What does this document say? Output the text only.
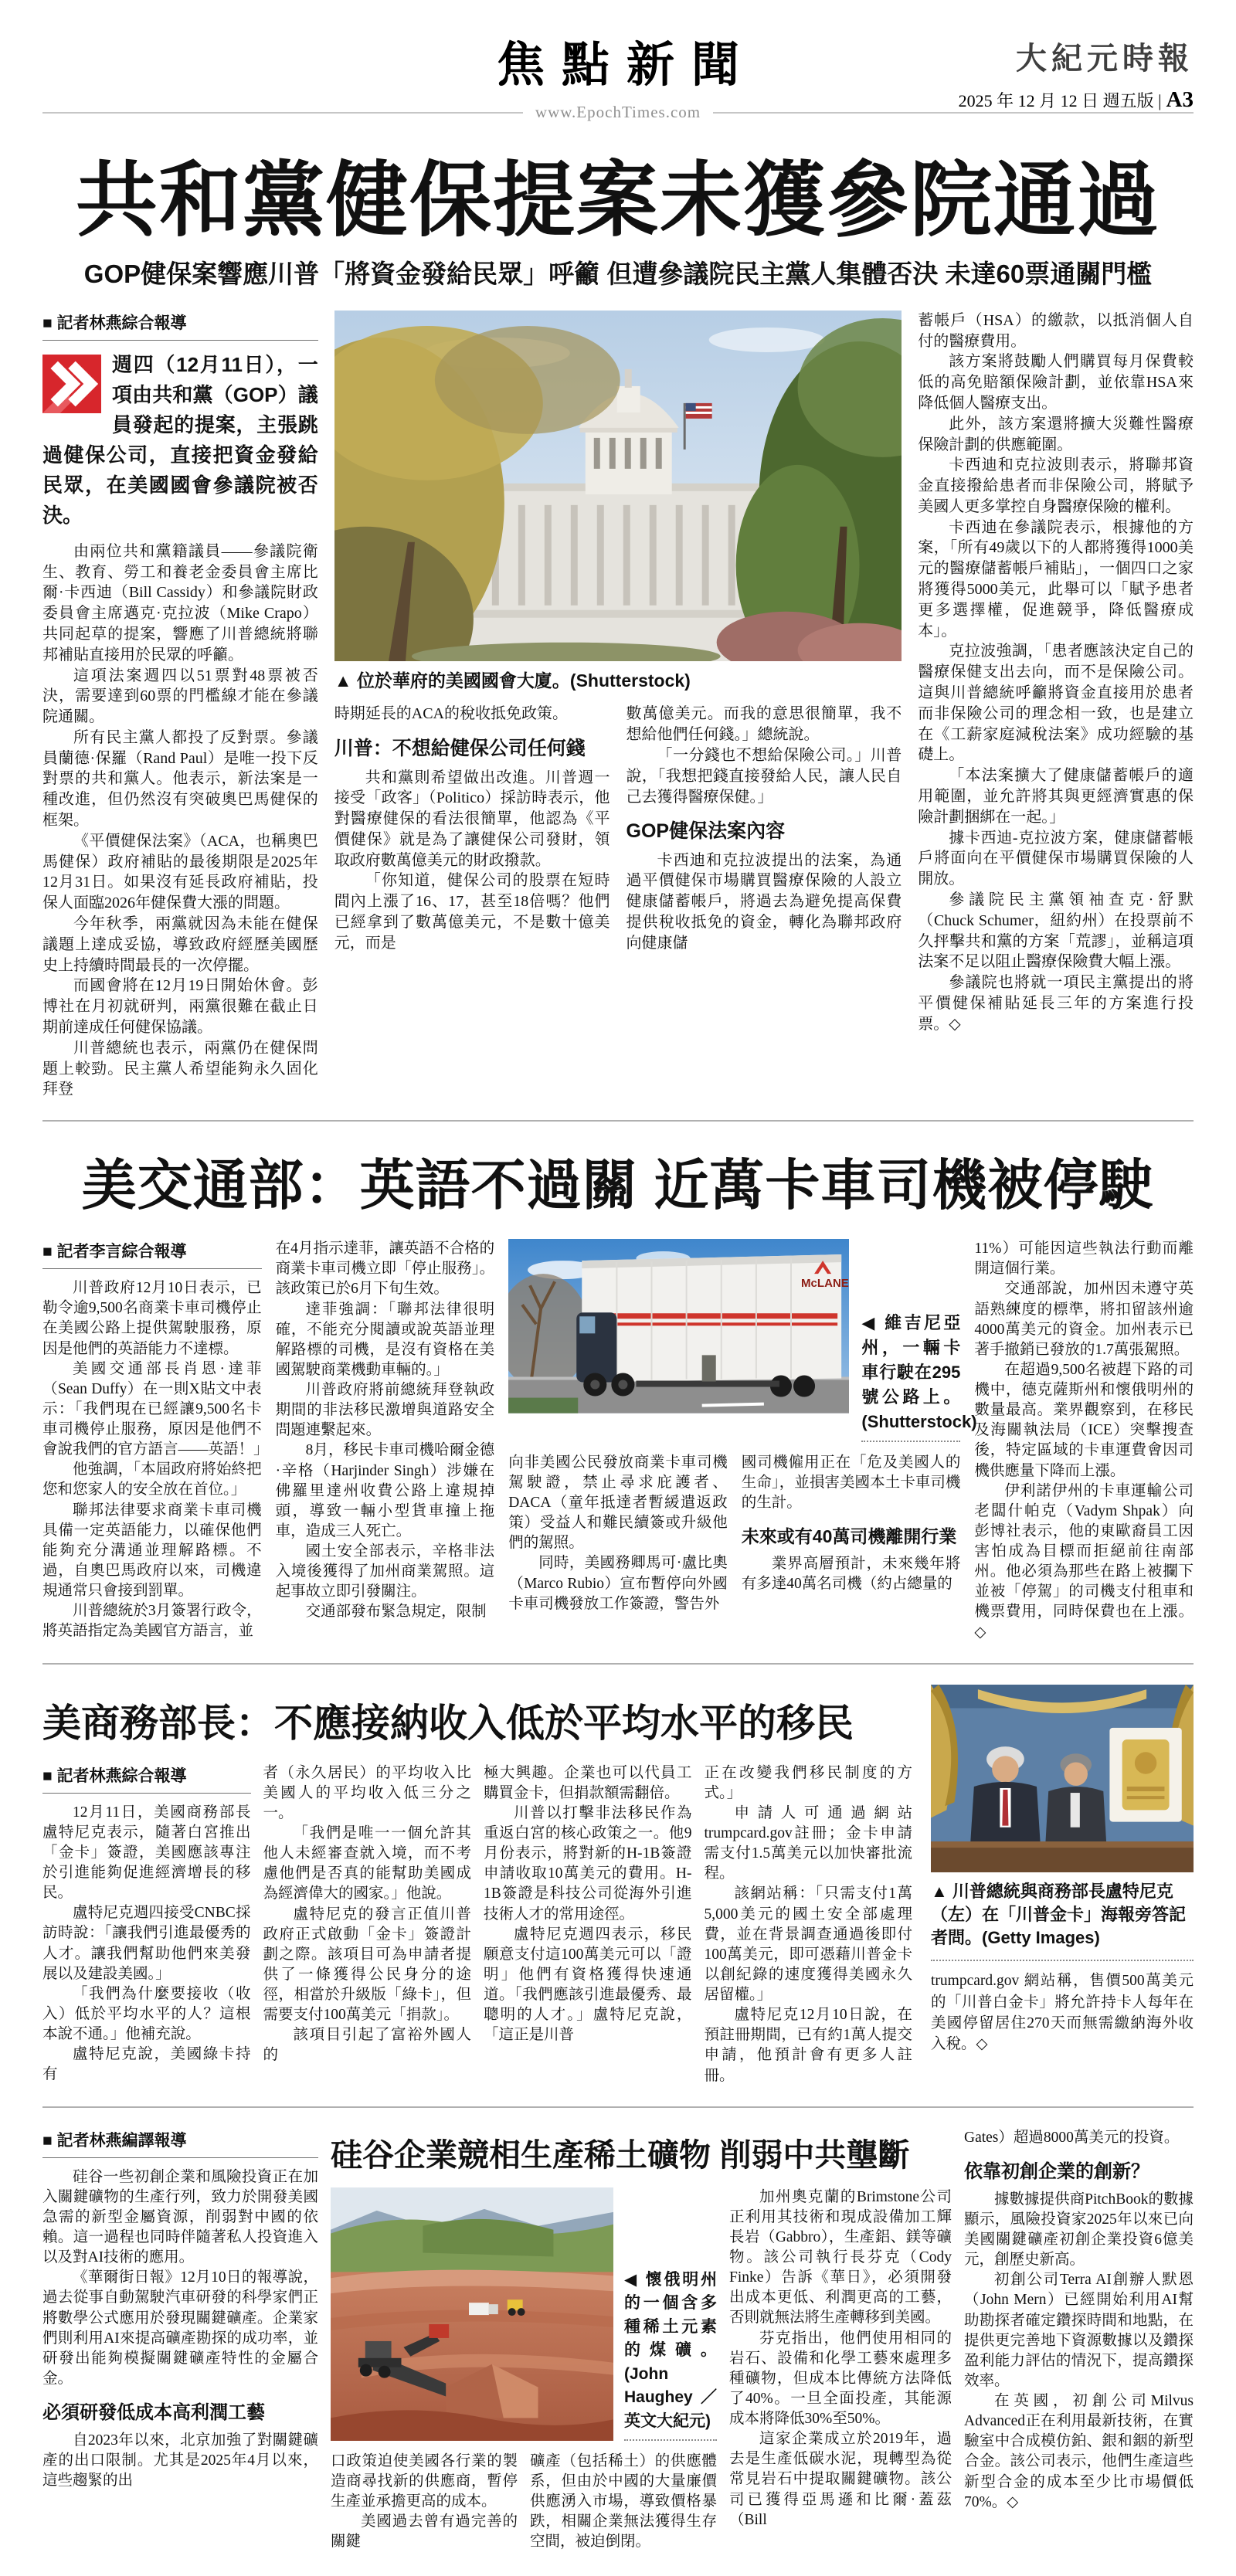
焦點新聞
www.EpochTimes.com
大紀元時報
2025 年 12 月 12 日 週五版 | A3
共和黨健保提案未獲參院通過
GOP健保案響應川普「將資金發給民眾」呼籲 但遭參議院民主黨人集體否決 未達60票通關門檻
■ 記者林燕綜合報導

週四（12月11日），一項由共和黨（GOP）議員發起的提案，主張跳過健保公司，直接把資金發給民眾，在美國國會參議院被否決。

由兩位共和黨籍議員——參議院衛生、教育、勞工和養老金委員會主席比爾·卡西迪（Bill Cassidy）和參議院財政委員會主席邁克·克拉波（Mike Crapo）共同起草的提案，響應了川普總統將聯邦補貼直接用於民眾的呼籲。

這項法案週四以51票對48票被否決，需要達到60票的門檻線才能在參議院通關。

所有民主黨人都投了反對票。參議員蘭德·保羅（Rand Paul）是唯一投下反對票的共和黨人。他表示，新法案是一種改進，但仍然沒有突破奧巴馬健保的框架。

《平價健保法案》（ACA，也稱奧巴馬健保）政府補貼的最後期限是2025年12月31日。如果沒有延長政府補貼，投保人面臨2026年健保費大漲的問題。

今年秋季，兩黨就因為未能在健保議題上達成妥協，導致政府經歷美國歷史上持續時間最長的一次停擺。

而國會將在12月19日開始休會。彭博社在月初就研判，兩黨很難在截止日期前達成任何健保協議。

川普總統也表示，兩黨仍在健保問題上較勁。民主黨人希望能夠永久固化拜登

▲ 位於華府的美國國會大廈。(Shutterstock)

時期延長的ACA的稅收抵免政策。

川普：不想給健保公司任何錢

共和黨則希望做出改進。川普週一接受「政客」（Politico）採訪時表示，他對醫療健保的看法很簡單，他認為《平價健保》就是為了讓健保公司發財，領取政府數萬億美元的財政撥款。

「你知道，健保公司的股票在短時間內上漲了16、17，甚至18倍嗎？他們已經拿到了數萬億美元，不是數十億美元，而是

數萬億美元。而我的意思很簡單，我不想給他們任何錢。」總統說。

「一分錢也不想給保險公司。」川普說，「我想把錢直接發給人民，讓人民自己去獲得醫療保健。」

GOP健保法案內容

卡西迪和克拉波提出的法案，為通過平價健保市場購買醫療保險的人設立健康儲蓄帳戶，將過去為避免提高保費提供稅收抵免的資金，轉化為聯邦政府向健康儲

蓄帳戶（HSA）的繳款，以抵消個人自付的醫療費用。

該方案將鼓勵人們購買每月保費較低的高免賠額保險計劃，並依靠HSA來降低個人醫療支出。

此外，該方案還將擴大災難性醫療保險計劃的供應範圍。

卡西迪和克拉波則表示，將聯邦資金直接撥給患者而非保險公司，將賦予美國人更多掌控自身醫療保險的權利。

卡西迪在參議院表示，根據他的方案，「所有49歲以下的人都將獲得1000美元的醫療儲蓄帳戶補貼」，一個四口之家將獲得5000美元，此舉可以「賦予患者更多選擇權，促進競爭，降低醫療成本」。

克拉波強調，「患者應該決定自己的醫療保健支出去向，而不是保險公司。這與川普總統呼籲將資金直接用於患者而非保險公司的理念相一致，也是建立在《工薪家庭減稅法案》成功經驗的基礎上。

「本法案擴大了健康儲蓄帳戶的適用範圍，並允許將其與更經濟實惠的保險計劃捆綁在一起。」

據卡西迪-克拉波方案，健康儲蓄帳戶將面向在平價健保市場購買保險的人開放。

參議院民主黨領袖查克·舒默（Chuck Schumer，紐約州）在投票前不久抨擊共和黨的方案「荒謬」，並稱這項法案不足以阻止醫療保險費大幅上漲。

參議院也將就一項民主黨提出的將平價健保補貼延長三年的方案進行投票。◇

美交通部：英語不過關 近萬卡車司機被停駛
■ 記者李言綜合報導

川普政府12月10日表示，已勒令逾9,500名商業卡車司機停止在美國公路上提供駕駛服務，原因是他們的英語能力不達標。

美國交通部長肖恩·達菲（Sean Duffy）在一則X貼文中表示：「我們現在已經讓9,500名卡車司機停止服務，原因是他們不會說我們的官方語言——英語！」

他強調，「本屆政府將始終把您和您家人的安全放在首位。」

聯邦法律要求商業卡車司機具備一定英語能力，以確保他們能夠充分溝通並理解路標。不過，自奧巴馬政府以來，司機違規通常只會接到罰單。

川普總統於3月簽署行政令，將英語指定為美國官方語言，並

在4月指示達菲，讓英語不合格的商業卡車司機立即「停止服務」。該政策已於6月下旬生效。

達菲強調：「聯邦法律很明確，不能充分閱讀或說英語並理解路標的司機，是沒有資格在美國駕駛商業機動車輛的。」

川普政府將前總統拜登執政期間的非法移民激增與道路安全問題連繫起來。

8月，移民卡車司機哈爾金德·辛格（Harjinder Singh）涉嫌在佛羅里達州收費公路上違規掉頭，導致一輛小型貨車撞上拖車，造成三人死亡。

國土安全部表示，辛格非法入境後獲得了加州商業駕照。這起事故立即引發關注。

交通部發布緊急規定，限制

McLANE
◀ 維吉尼亞州，一輛卡車行駛在295號公路上。(Shutterstock)

向非美國公民發放商業卡車司機駕駛證，禁止尋求庇護者、DACA（童年抵達者暫緩遣返政策）受益人和難民續簽或升級他們的駕照。

同時，美國務卿馬可·盧比奧（Marco Rubio）宣布暫停向外國卡車司機發放工作簽證，警告外

國司機僱用正在「危及美國人的生命」，並損害美國本土卡車司機的生計。

未來或有40萬司機離開行業

業界高層預計，未來幾年將有多達40萬名司機（約占總量的

11%）可能因這些執法行動而離開這個行業。

交通部說，加州因未遵守英語熟練度的標準，將扣留該州逾4000萬美元的資金。加州表示已著手撤銷已發放的1.7萬張駕照。

在超過9,500名被趕下路的司機中，德克薩斯州和懷俄明州的數量最高。業界觀察到，在移民及海關執法局（ICE）突擊搜查後，特定區域的卡車運費會因司機供應量下降而上漲。

伊利諾伊州的卡車運輸公司老闆什帕克（Vadym Shpak）向彭博社表示，他的東歐裔員工因害怕成為目標而拒絕前往南部州。他必須為那些在路上被攔下並被「停駕」的司機支付租車和機票費用，同時保費也在上漲。◇

美商務部長：不應接納收入低於平均水平的移民
■ 記者林燕綜合報導

12月11日，美國商務部長盧特尼克表示，隨著白宮推出「金卡」簽證，美國應該專注於引進能夠促進經濟增長的移民。

盧特尼克週四接受CNBC採訪時說：「讓我們引進最優秀的人才。讓我們幫助他們來美發展以及建設美國。」

「我們為什麼要接收（收入）低於平均水平的人？這根本說不通。」他補充說。

盧特尼克說，美國綠卡持有

者（永久居民）的平均收入比美國人的平均收入低三分之一。

「我們是唯一一個允許其他人未經審查就入境，而不考慮他們是否真的能幫助美國成為經濟偉大的國家。」他說。

盧特尼克的發言正值川普政府正式啟動「金卡」簽證計劃之際。該項目可為申請者提供了一條獲得公民身分的途徑，相當於升級版「綠卡」，但需要支付100萬美元「捐款」。

該項目引起了富裕外國人的

極大興趣。企業也可以代員工購買金卡，但捐款額需翻倍。

川普以打擊非法移民作為重返白宮的核心政策之一。他9月份表示，將對新的H-1B簽證申請收取10萬美元的費用。H-1B簽證是科技公司從海外引進技術人才的常用途徑。

盧特尼克週四表示，移民願意支付這100萬美元可以「證明」他們有資格獲得快速通道。「我們應該引進最優秀、最聰明的人才。」盧特尼克說，「這正是川普

正在改變我們移民制度的方式。」

申請人可通過網站trumpcard.gov註冊；金卡申請需支付1.5萬美元以加快審批流程。

該網站稱：「只需支付1萬5,000美元的國土安全部處理費，並在背景調查通過後即付100萬美元，即可憑藉川普金卡以創紀錄的速度獲得美國永久居留權。」

盧特尼克12月10日說，在預註冊期間，已有約1萬人提交申請，他預計會有更多人註冊。

▲ 川普總統與商務部長盧特尼克（左）在「川普金卡」海報旁答記者問。(Getty Images)
trumpcard.gov 網站稱，售價500萬美元的「川普白金卡」將允許持卡人每年在美國停留居住270天而無需繳納海外收入稅。◇
■ 記者林燕編譯報導

硅谷一些初創企業和風險投資正在加入關鍵礦物的生產行列，致力於開發美國急需的新型金屬資源，削弱對中國的依賴。這一過程也同時伴隨著私人投資進入以及對AI技術的應用。

《華爾街日報》12月10日的報導說，過去從事自動駕駛汽車研發的科學家們正將數學公式應用於發現關鍵礦產。企業家們則利用AI來提高礦產勘探的成功率，並研發出能夠模擬關鍵礦產特性的金屬合金。

必須研發低成本高利潤工藝

自2023年以來，北京加強了對關鍵礦產的出口限制。尤其是2025年4月以來，這些趨緊的出

硅谷企業競相生產稀土礦物 削弱中共壟斷
◀ 懷俄明州的一個含多種稀土元素的煤礦。(John Haughey／英文大紀元)

口政策迫使美國各行業的製造商尋找新的供應商，暫停生產並承擔更高的成本。

美國過去曾有過完善的關鍵

礦產（包括稀土）的供應體系，但由於中國的大量廉價供應湧入市場，導致價格暴跌，相關企業無法獲得生存空間，被迫倒閉。

加州奧克蘭的Brimstone公司正利用其技術和現成設備加工輝長岩（Gabbro），生產鋁、鎂等礦物。該公司執行長芬克（Cody Finke）告訴《華日》，必須開發出成本更低、利潤更高的工藝，否則就無法將生產轉移到美國。

芬克指出，他們使用相同的岩石、設備和化學工藝來處理多種礦物，但成本比傳統方法降低了40%。一旦全面投產，其能源成本將降低30%至50%。

這家企業成立於2019年，過去是生產低碳水泥，現轉型為從常見岩石中提取關鍵礦物。該公司已獲得亞馬遜和比爾·蓋茲（Bill

Gates）超過8000萬美元的投資。

依靠初創企業的創新？

據數據提供商PitchBook的數據顯示，風險投資家2025年以來已向美國關鍵礦產初創企業投資6億美元，創歷史新高。

初創公司Terra AI創辦人默恩（John Mern）已經開始利用AI幫助勘探者確定鑽探時間和地點，在提供更完善地下資源數據以及鑽探盈利能力評估的情況下，提高鑽探效率。

在英國，初創公司Milvus Advanced正在利用最新技術，在實驗室中合成模仿鉑、銀和銦的新型合金。該公司表示，他們生產這些新型合金的成本至少比市場價低70%。◇
